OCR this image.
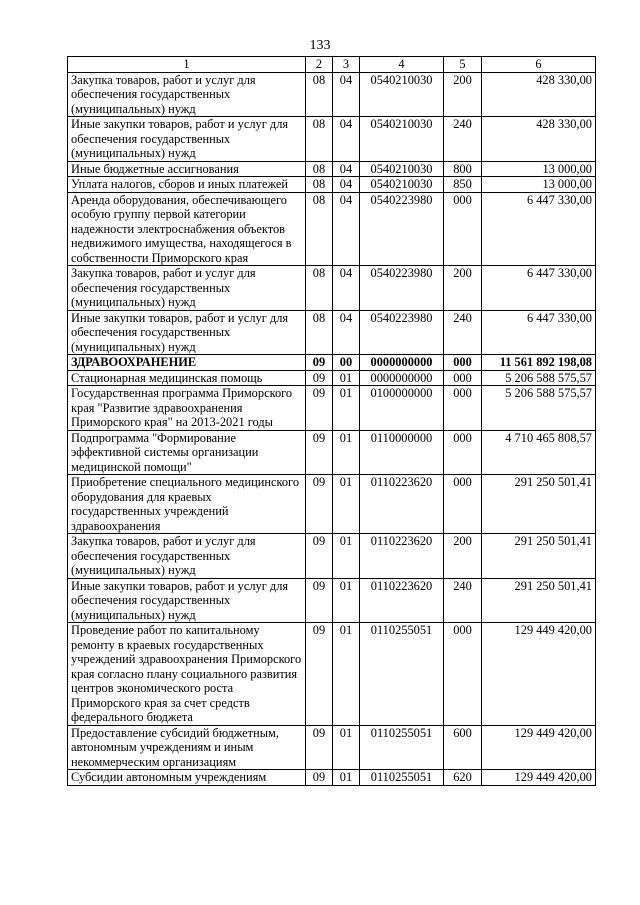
133
1	2	3	4	5	6
Закупка товаров, работ и услуг для обеспечения государственных (муниципальных) нужд	08	04	0540210030	200	428 330,00
Иные закупки товаров, работ и услуг для обеспечения государственных (муниципальных) нужд	08	04	0540210030	240	428 330,00
Иные бюджетные ассигнования	08	04	0540210030	800	13 000,00
Уплата налогов, сборов и иных платежей	08	04	0540210030	850	13 000,00
Аренда оборудования, обеспечивающего особую группу первой категории надежности электроснабжения объектов недвижимого имущества, находящегося в собственности Приморского края	08	04	0540223980	000	6 447 330,00
Закупка товаров, работ и услуг для обеспечения государственных (муниципальных) нужд	08	04	0540223980	200	6 447 330,00
Иные закупки товаров, работ и услуг для обеспечения государственных (муниципальных) нужд	08	04	0540223980	240	6 447 330,00
ЗДРАВООХРАНЕНИЕ	09	00	0000000000	000	11 561 892 198,08
Стационарная медицинская помощь	09	01	0000000000	000	5 206 588 575,57
Государственная программа Приморского края "Развитие здравоохранения Приморского края" на 2013-2021 годы	09	01	0100000000	000	5 206 588 575,57
Подпрограмма "Формирование эффективной системы организации медицинской помощи"	09	01	0110000000	000	4 710 465 808,57
Приобретение специального медицинского оборудования для краевых государственных учреждений здравоохранения	09	01	0110223620	000	291 250 501,41
Закупка товаров, работ и услуг для обеспечения государственных (муниципальных) нужд	09	01	0110223620	200	291 250 501,41
Иные закупки товаров, работ и услуг для обеспечения государственных (муниципальных) нужд	09	01	0110223620	240	291 250 501,41
Проведение работ по капитальному ремонту в краевых государственных учреждений здравоохранения Приморского края согласно плану социального развития центров экономического роста Приморского края за счет средств федерального бюджета	09	01	0110255051	000	129 449 420,00
Предоставление субсидий бюджетным, автономным учреждениям и иным некоммерческим организациям	09	01	0110255051	600	129 449 420,00
Субсидии автономным учреждениям	09	01	0110255051	620	129 449 420,00
